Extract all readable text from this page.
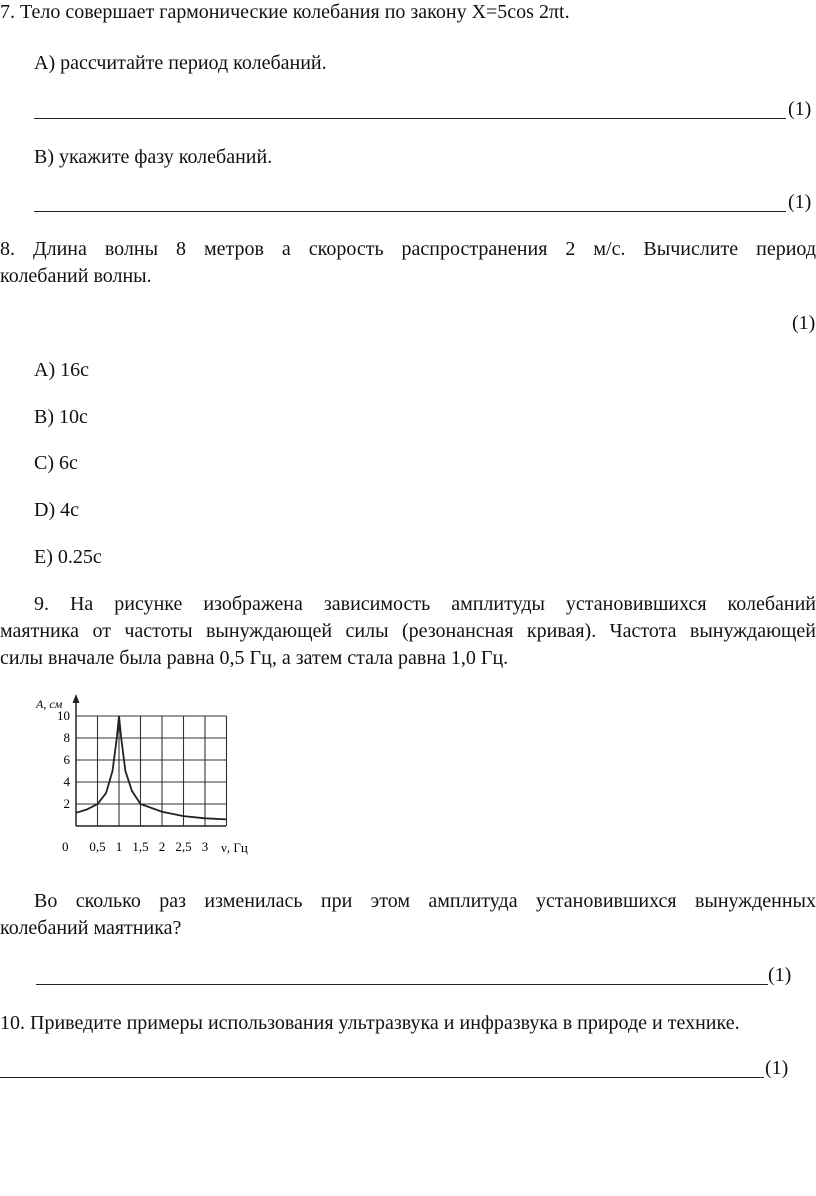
7. Тело совершает гармонические колебания по закону X=5cos 2πt.
A) рассчитайте период колебаний.
(1)
B) укажите фазу колебаний.
(1)
8. Длина волны 8 метров а скорость распространения 2 м/с. Вычислите период
колебаний волны.
(1)
A) 16с
B) 10с
C) 6с
D) 4с
E) 0.25с
9. На рисунке изображена зависимость амплитуды установившихся колебаний
маятника от частоты вынуждающей силы (резонансная кривая). Частота вынуждающей
силы вначале была равна 0,5 Гц, а затем стала равна 1,0 Гц.
A, см
ν, Гц
0 0,5 1 1,5 2 2,5 3
2
4
6
8
10
Во сколько раз изменилась при этом амплитуда установившихся вынужденных
колебаний маятника?
(1)
10. Приведите примеры использования ультразвука и инфразвука в природе и технике.
(1)
